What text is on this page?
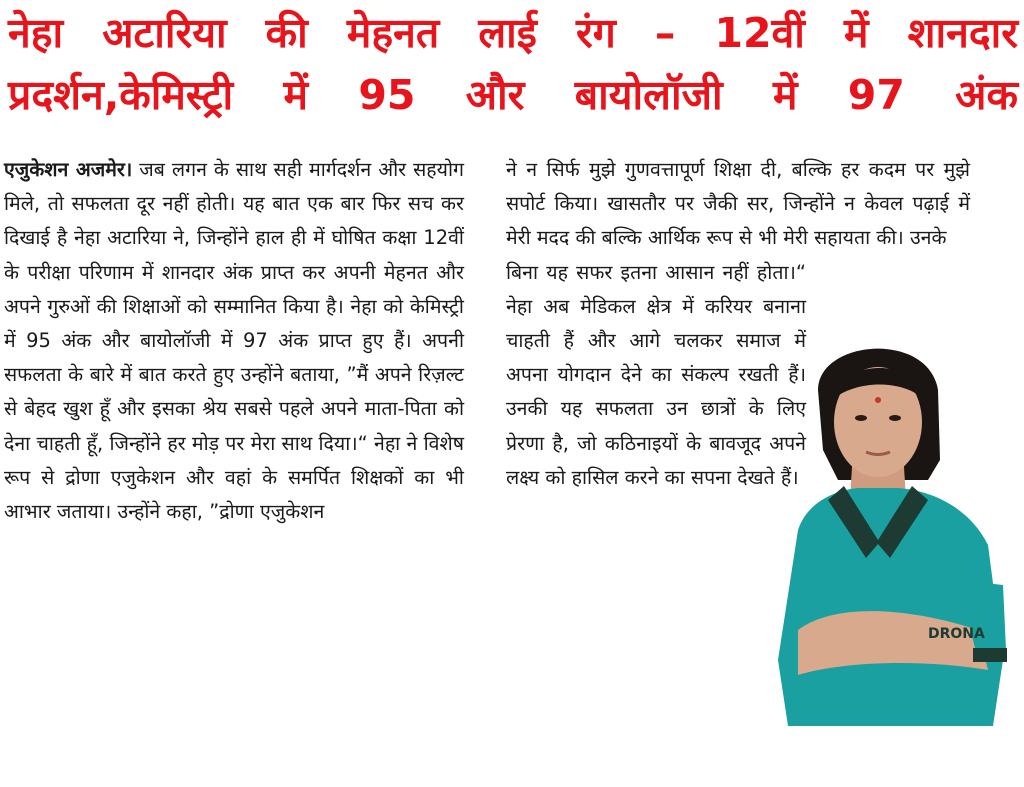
नेहा अटारिया की मेहनत लाई रंग – 12वीं में शानदार
प्रदर्शन,केमिस्ट्री में 95 और बायोलॉजी में 97 अंक

एजुकेशन अजमेर। जब लगन के साथ सही मार्गदर्शन और सहयोग मिले, तो सफलता दूर नहीं होती। यह बात एक बार फिर सच कर दिखाई है नेहा अटारिया ने, जिन्होंने हाल ही में घोषित कक्षा 12वीं के परीक्षा परिणाम में शानदार अंक प्राप्त कर अपनी मेहनत और अपने गुरुओं की शिक्षाओं को सम्मानित किया है। नेहा को केमिस्ट्री में 95 अंक और बायोलॉजी में 97 अंक प्राप्त हुए हैं। अपनी सफलता के बारे में बात करते हुए उन्होंने बताया, ”मैं अपने रिज़ल्ट से बेहद खुश हूँ और इसका श्रेय सबसे पहले अपने माता-पिता को देना चाहती हूँ, जिन्होंने हर मोड़ पर मेरा साथ दिया।“ नेहा ने विशेष रूप से द्रोणा एजुकेशन और वहां के समर्पित शिक्षकों का भी आभार जताया। उन्होंने कहा, ”द्रोणा एजुकेशन

ने न सिर्फ मुझे गुणवत्तापूर्ण शिक्षा दी, बल्कि हर कदम पर मुझे सपोर्ट किया। खासतौर पर जैकी सर, जिन्होंने न केवल पढ़ाई में मेरी मदद की बल्कि आर्थिक रूप से भी मेरी सहायता की। उनके
बिना यह सफर इतना आसान नहीं होता।“ नेहा अब मेडिकल क्षेत्र में करियर बनाना चाहती हैं और आगे चलकर समाज में अपना योगदान देने का संकल्प रखती हैं। उनकी यह सफलता उन छात्रों के लिए प्रेरणा है, जो कठिनाइयों के बावजूद अपने लक्ष्य को हासिल करने का सपना देखते हैं।

DRONA
